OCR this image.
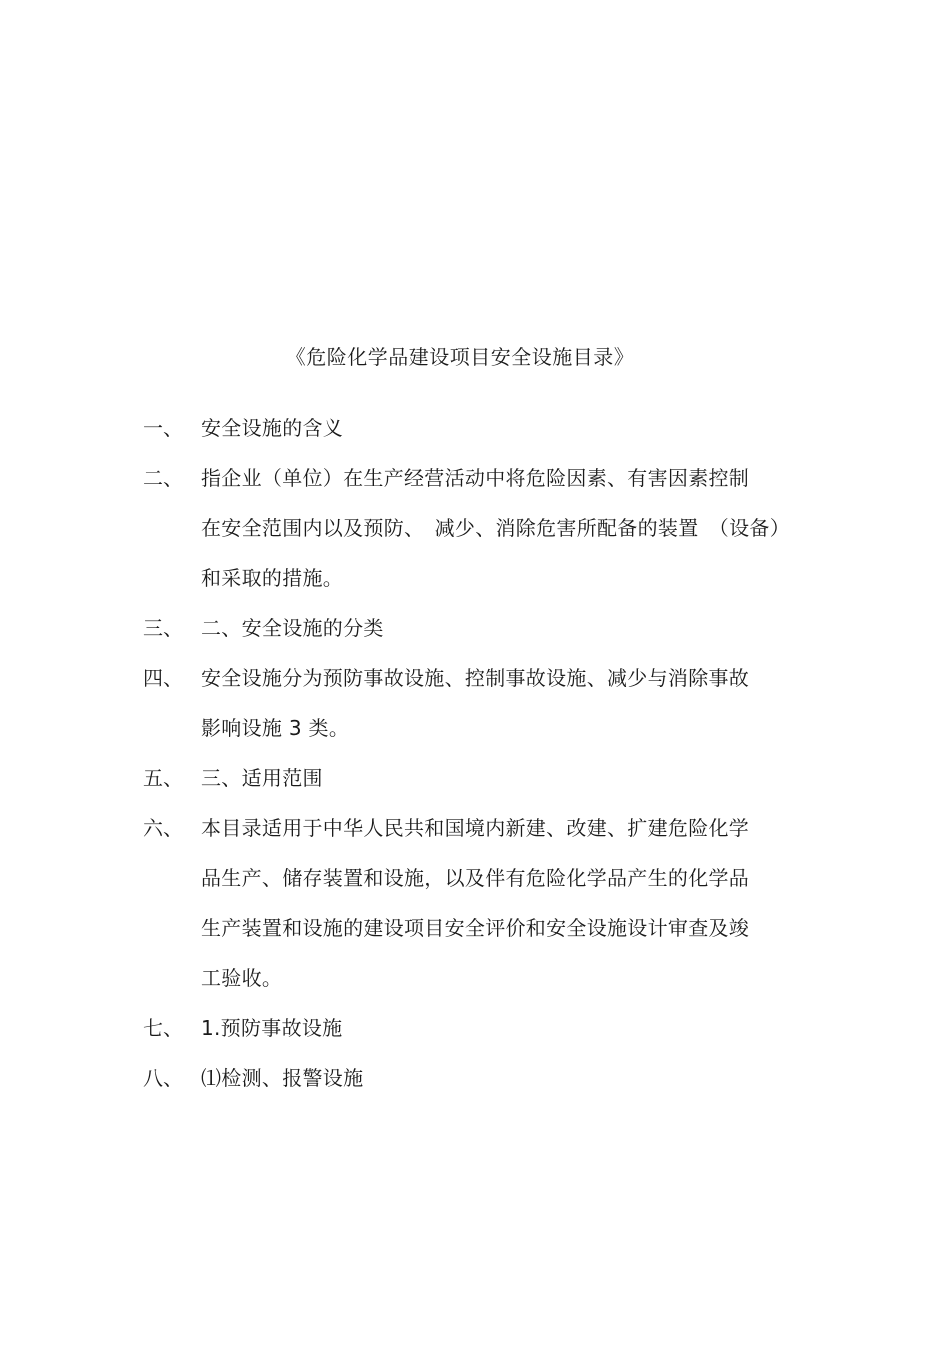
《危险化学品建设项目安全设施目录》
一、 安全设施的含义
二、 指企业（单位）在生产经营活动中将危险因素、有害因素控制
在安全范围内以及预防、　减少、消除危害所配备的装置　（设备）
和采取的措施。
三、 二、安全设施的分类
四、 安全设施分为预防事故设施、控制事故设施、减少与消除事故
影响设施 3 类。
五、 三、适用范围
六、 本目录适用于中华人民共和国境内新建、改建、扩建危险化学
品生产、储存装置和设施，以及伴有危险化学品产生的化学品
生产装置和设施的建设项目安全评价和安全设施设计审查及竣
工验收。
七、 1.预防事故设施
八、 ⑴检测、报警设施
